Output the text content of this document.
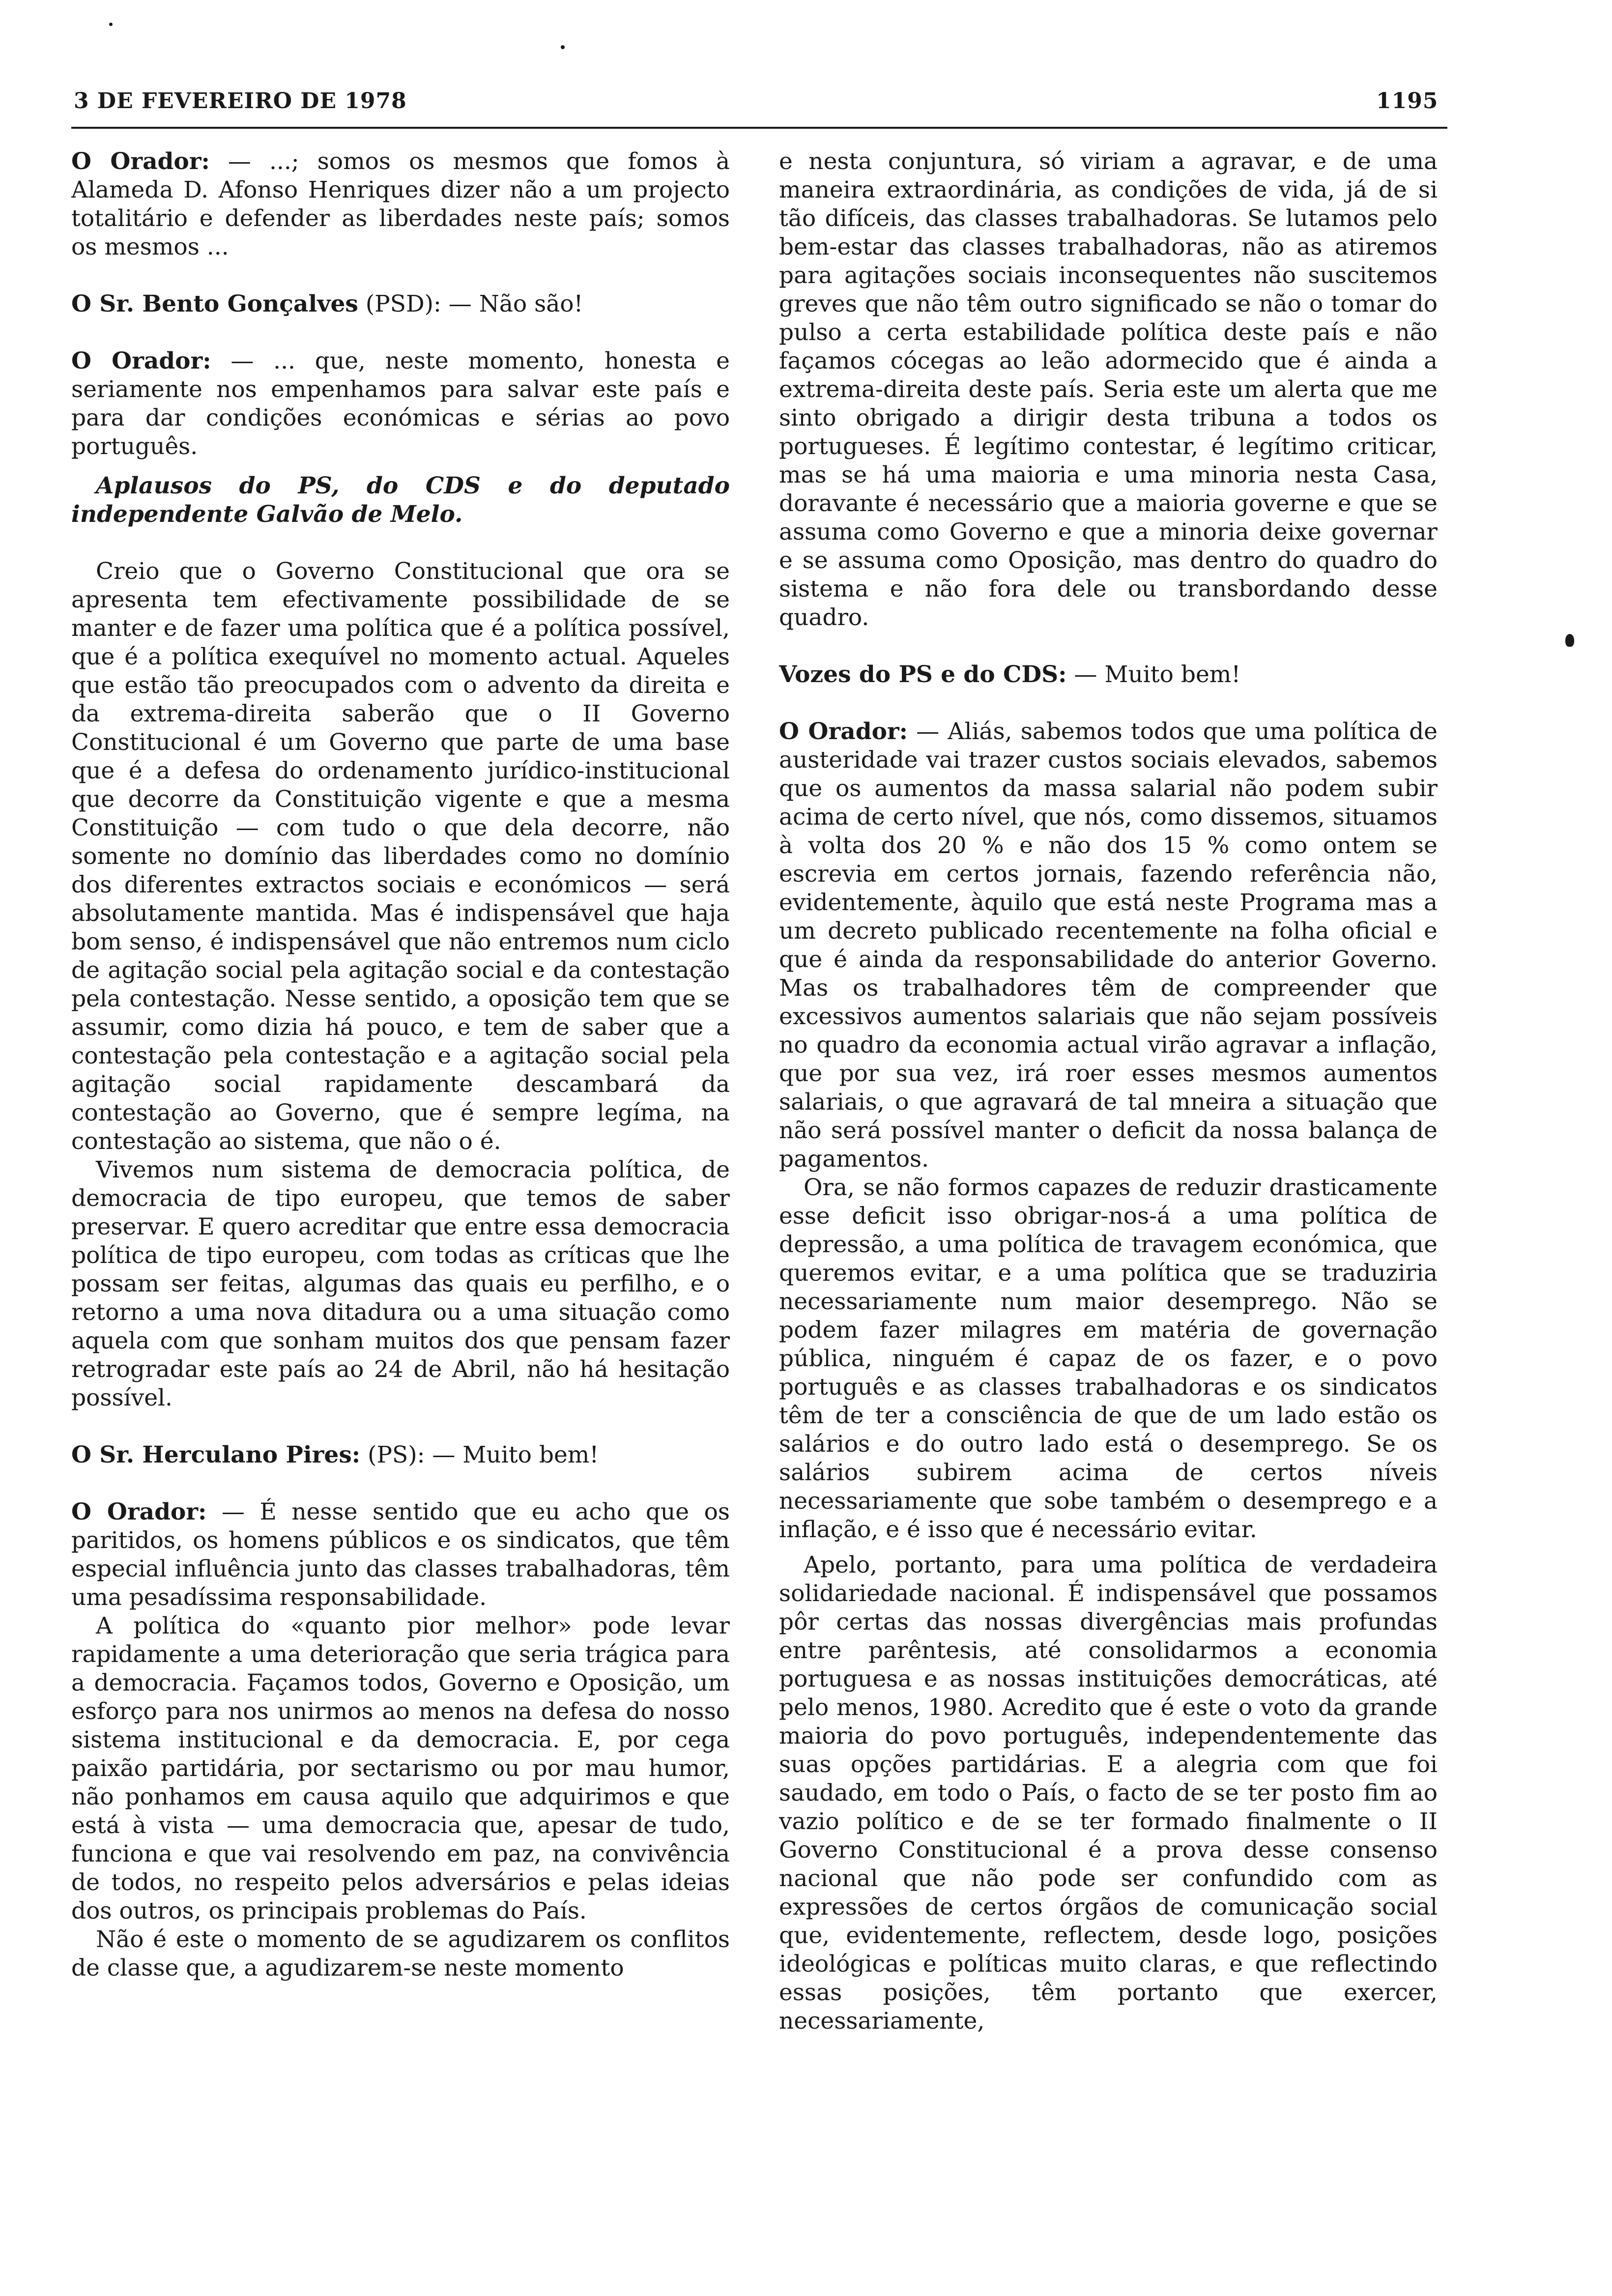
3 DE FEVEREIRO DE 1978	1195

O Orador: — ...; somos os mesmos que fomos à Alameda D. Afonso Henriques dizer não a um projecto totalitário e defender as liberdades neste país; somos os mesmos ...

O Sr. Bento Gonçalves (PSD): — Não são!

O Orador: — ... que, neste momento, honesta e seriamente nos empenhamos para salvar este país e para dar condições económicas e sérias ao povo português.

Aplausos do PS, do CDS e do deputado independente Galvão de Melo.

Creio que o Governo Constitucional que ora se apresenta tem efectivamente possibilidade de se manter e de fazer uma política que é a política possível, que é a política exequível no momento actual. Aqueles que estão tão preocupados com o advento da direita e da extrema-direita saberão que o II Governo Constitucional é um Governo que parte de uma base que é a defesa do ordenamento jurídico-institucional que decorre da Constituição vigente e que a mesma Constituição — com tudo o que dela decorre, não somente no domínio das liberdades como no domínio dos diferentes extractos sociais e económicos — será absolutamente mantida. Mas é indispensável que haja bom senso, é indispensável que não entremos num ciclo de agitação social pela agitação social e da contestação pela contestação. Nesse sentido, a oposição tem que se assumir, como dizia há pouco, e tem de saber que a contestação pela contestação e a agitação social pela agitação social rapidamente descambará da contestação ao Governo, que é sempre legíma, na contestação ao sistema, que não o é.

Vivemos num sistema de democracia política, de democracia de tipo europeu, que temos de saber preservar. E quero acreditar que entre essa democracia política de tipo europeu, com todas as críticas que lhe possam ser feitas, algumas das quais eu perfilho, e o retorno a uma nova ditadura ou a uma situação como aquela com que sonham muitos dos que pensam fazer retrogradar este país ao 24 de Abril, não há hesitação possível.

O Sr. Herculano Pires: (PS): — Muito bem!

O Orador: — É nesse sentido que eu acho que os paritidos, os homens públicos e os sindicatos, que têm especial influência junto das classes trabalhadoras, têm uma pesadíssima responsabilidade.

A política do «quanto pior melhor» pode levar rapidamente a uma deterioração que seria trágica para a democracia. Façamos todos, Governo e Oposição, um esforço para nos unirmos ao menos na defesa do nosso sistema institucional e da democracia. E, por cega paixão partidária, por sectarismo ou por mau humor, não ponhamos em causa aquilo que adquirimos e que está à vista — uma democracia que, apesar de tudo, funciona e que vai resolvendo em paz, na convivência de todos, no respeito pelos adversários e pelas ideias dos outros, os principais problemas do País.

Não é este o momento de se agudizarem os conflitos de classe que, a agudizarem-se neste momento

e nesta conjuntura, só viriam a agravar, e de uma maneira extraordinária, as condições de vida, já de si tão difíceis, das classes trabalhadoras. Se lutamos pelo bem-estar das classes trabalhadoras, não as atiremos para agitações sociais inconsequentes não suscitemos greves que não têm outro significado se não o tomar do pulso a certa estabilidade política deste país e não façamos cócegas ao leão adormecido que é ainda a extrema-direita deste país. Seria este um alerta que me sinto obrigado a dirigir desta tribuna a todos os portugueses. É legítimo contestar, é legítimo criticar, mas se há uma maioria e uma minoria nesta Casa, doravante é necessário que a maioria governe e que se assuma como Governo e que a minoria deixe governar e se assuma como Oposição, mas dentro do quadro do sistema e não fora dele ou transbordando desse quadro.

Vozes do PS e do CDS: — Muito bem!

O Orador: — Aliás, sabemos todos que uma política de austeridade vai trazer custos sociais elevados, sabemos que os aumentos da massa salarial não podem subir acima de certo nível, que nós, como dissemos, situamos à volta dos 20 % e não dos 15 % como ontem se escrevia em certos jornais, fazendo referência não, evidentemente, àquilo que está neste Programa mas a um decreto publicado recentemente na folha oficial e que é ainda da responsabilidade do anterior Governo. Mas os trabalhadores têm de compreender que excessivos aumentos salariais que não sejam possíveis no quadro da economia actual virão agravar a inflação, que por sua vez, irá roer esses mesmos aumentos salariais, o que agravará de tal mneira a situação que não será possível manter o deficit da nossa balança de pagamentos.

Ora, se não formos capazes de reduzir drasticamente esse deficit isso obrigar-nos-á a uma política de depressão, a uma política de travagem económica, que queremos evitar, e a uma política que se traduziria necessariamente num maior desemprego. Não se podem fazer milagres em matéria de governação pública, ninguém é capaz de os fazer, e o povo português e as classes trabalhadoras e os sindicatos têm de ter a consciência de que de um lado estão os salários e do outro lado está o desemprego. Se os salários subirem acima de certos níveis necessariamente que sobe também o desemprego e a inflação, e é isso que é necessário evitar.

Apelo, portanto, para uma política de verdadeira solidariedade nacional. É indispensável que possamos pôr certas das nossas divergências mais profundas entre parêntesis, até consolidarmos a economia portuguesa e as nossas instituições democráticas, até pelo menos, 1980. Acredito que é este o voto da grande maioria do povo português, independentemente das suas opções partidárias. E a alegria com que foi saudado, em todo o País, o facto de se ter posto fim ao vazio político e de se ter formado finalmente o II Governo Constitucional é a prova desse consenso nacional que não pode ser confundido com as expressões de certos órgãos de comunicação social que, evidentemente, reflectem, desde logo, posições ideológicas e políticas muito claras, e que reflectindo essas posições, têm portanto que exercer, necessariamente,
